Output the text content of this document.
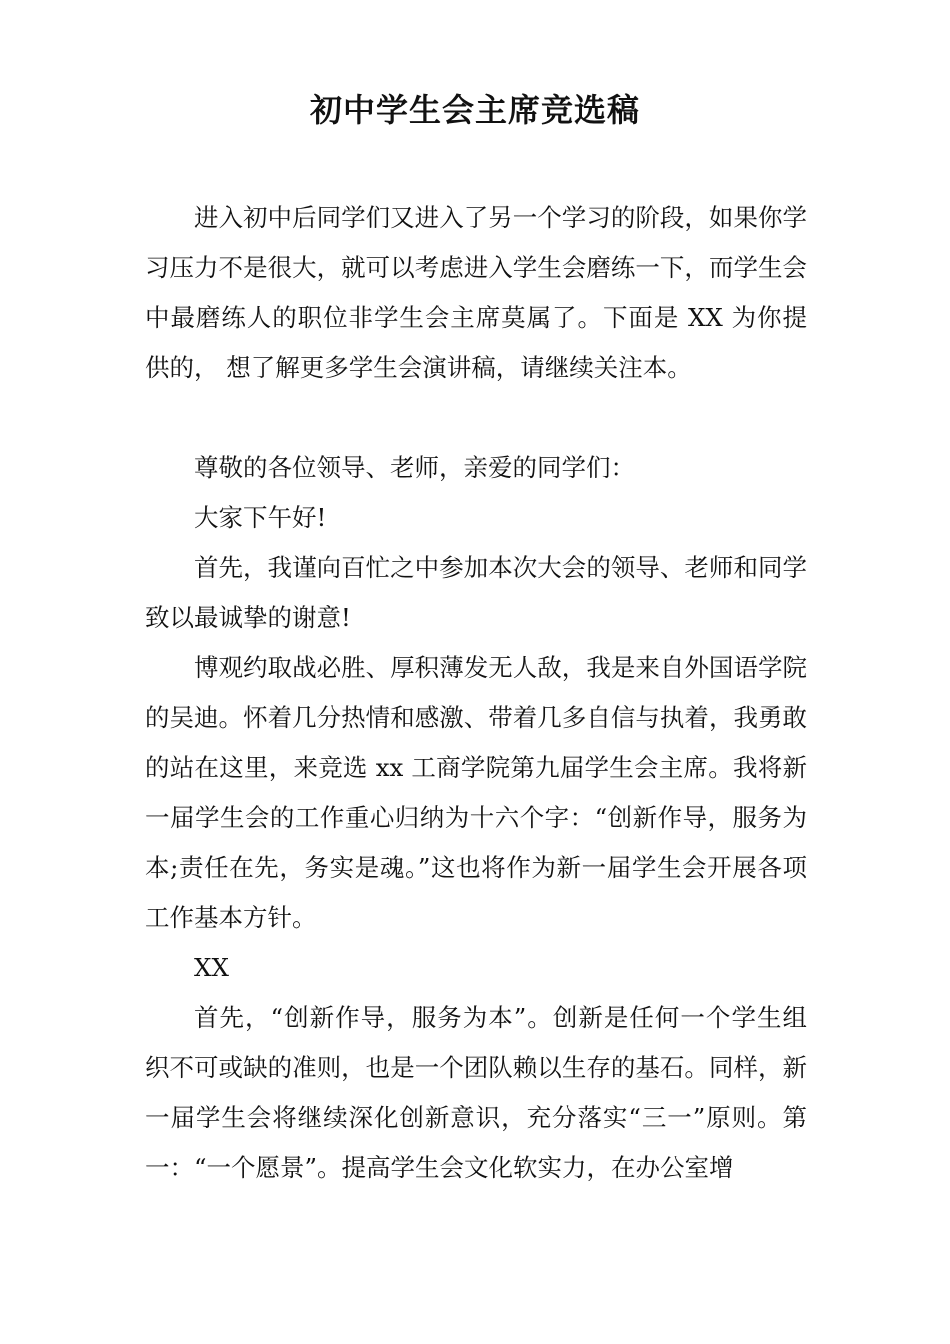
初中学生会主席竞选稿

进入初中后同学们又进入了另一个学习的阶段，如果你学习压力不是很大，就可以考虑进入学生会磨练一下，而学生会中最磨练人的职位非学生会主席莫属了。下面是 XX 为你提供的， 想了解更多学生会演讲稿，请继续关注本。

尊敬的各位领导、老师，亲爱的同学们：

大家下午好!

首先，我谨向百忙之中参加本次大会的领导、老师和同学致以最诚挚的谢意!

博观约取战必胜、厚积薄发无人敌，我是来自外国语学院的吴迪。怀着几分热情和感激、带着几多自信与执着，我勇敢的站在这里，来竞选 xx 工商学院第九届学生会主席。我将新一届学生会的工作重心归纳为十六个字：“创新作导，服务为本;责任在先，务实是魂。”这也将作为新一届学生会开展各项工作基本方针。

XX

首先，“创新作导，服务为本”。创新是任何一个学生组织不可或缺的准则，也是一个团队赖以生存的基石。同样，新一届学生会将继续深化创新意识，充分落实“三一”原则。第一：“一个愿景”。提高学生会文化软实力，在办公室增
